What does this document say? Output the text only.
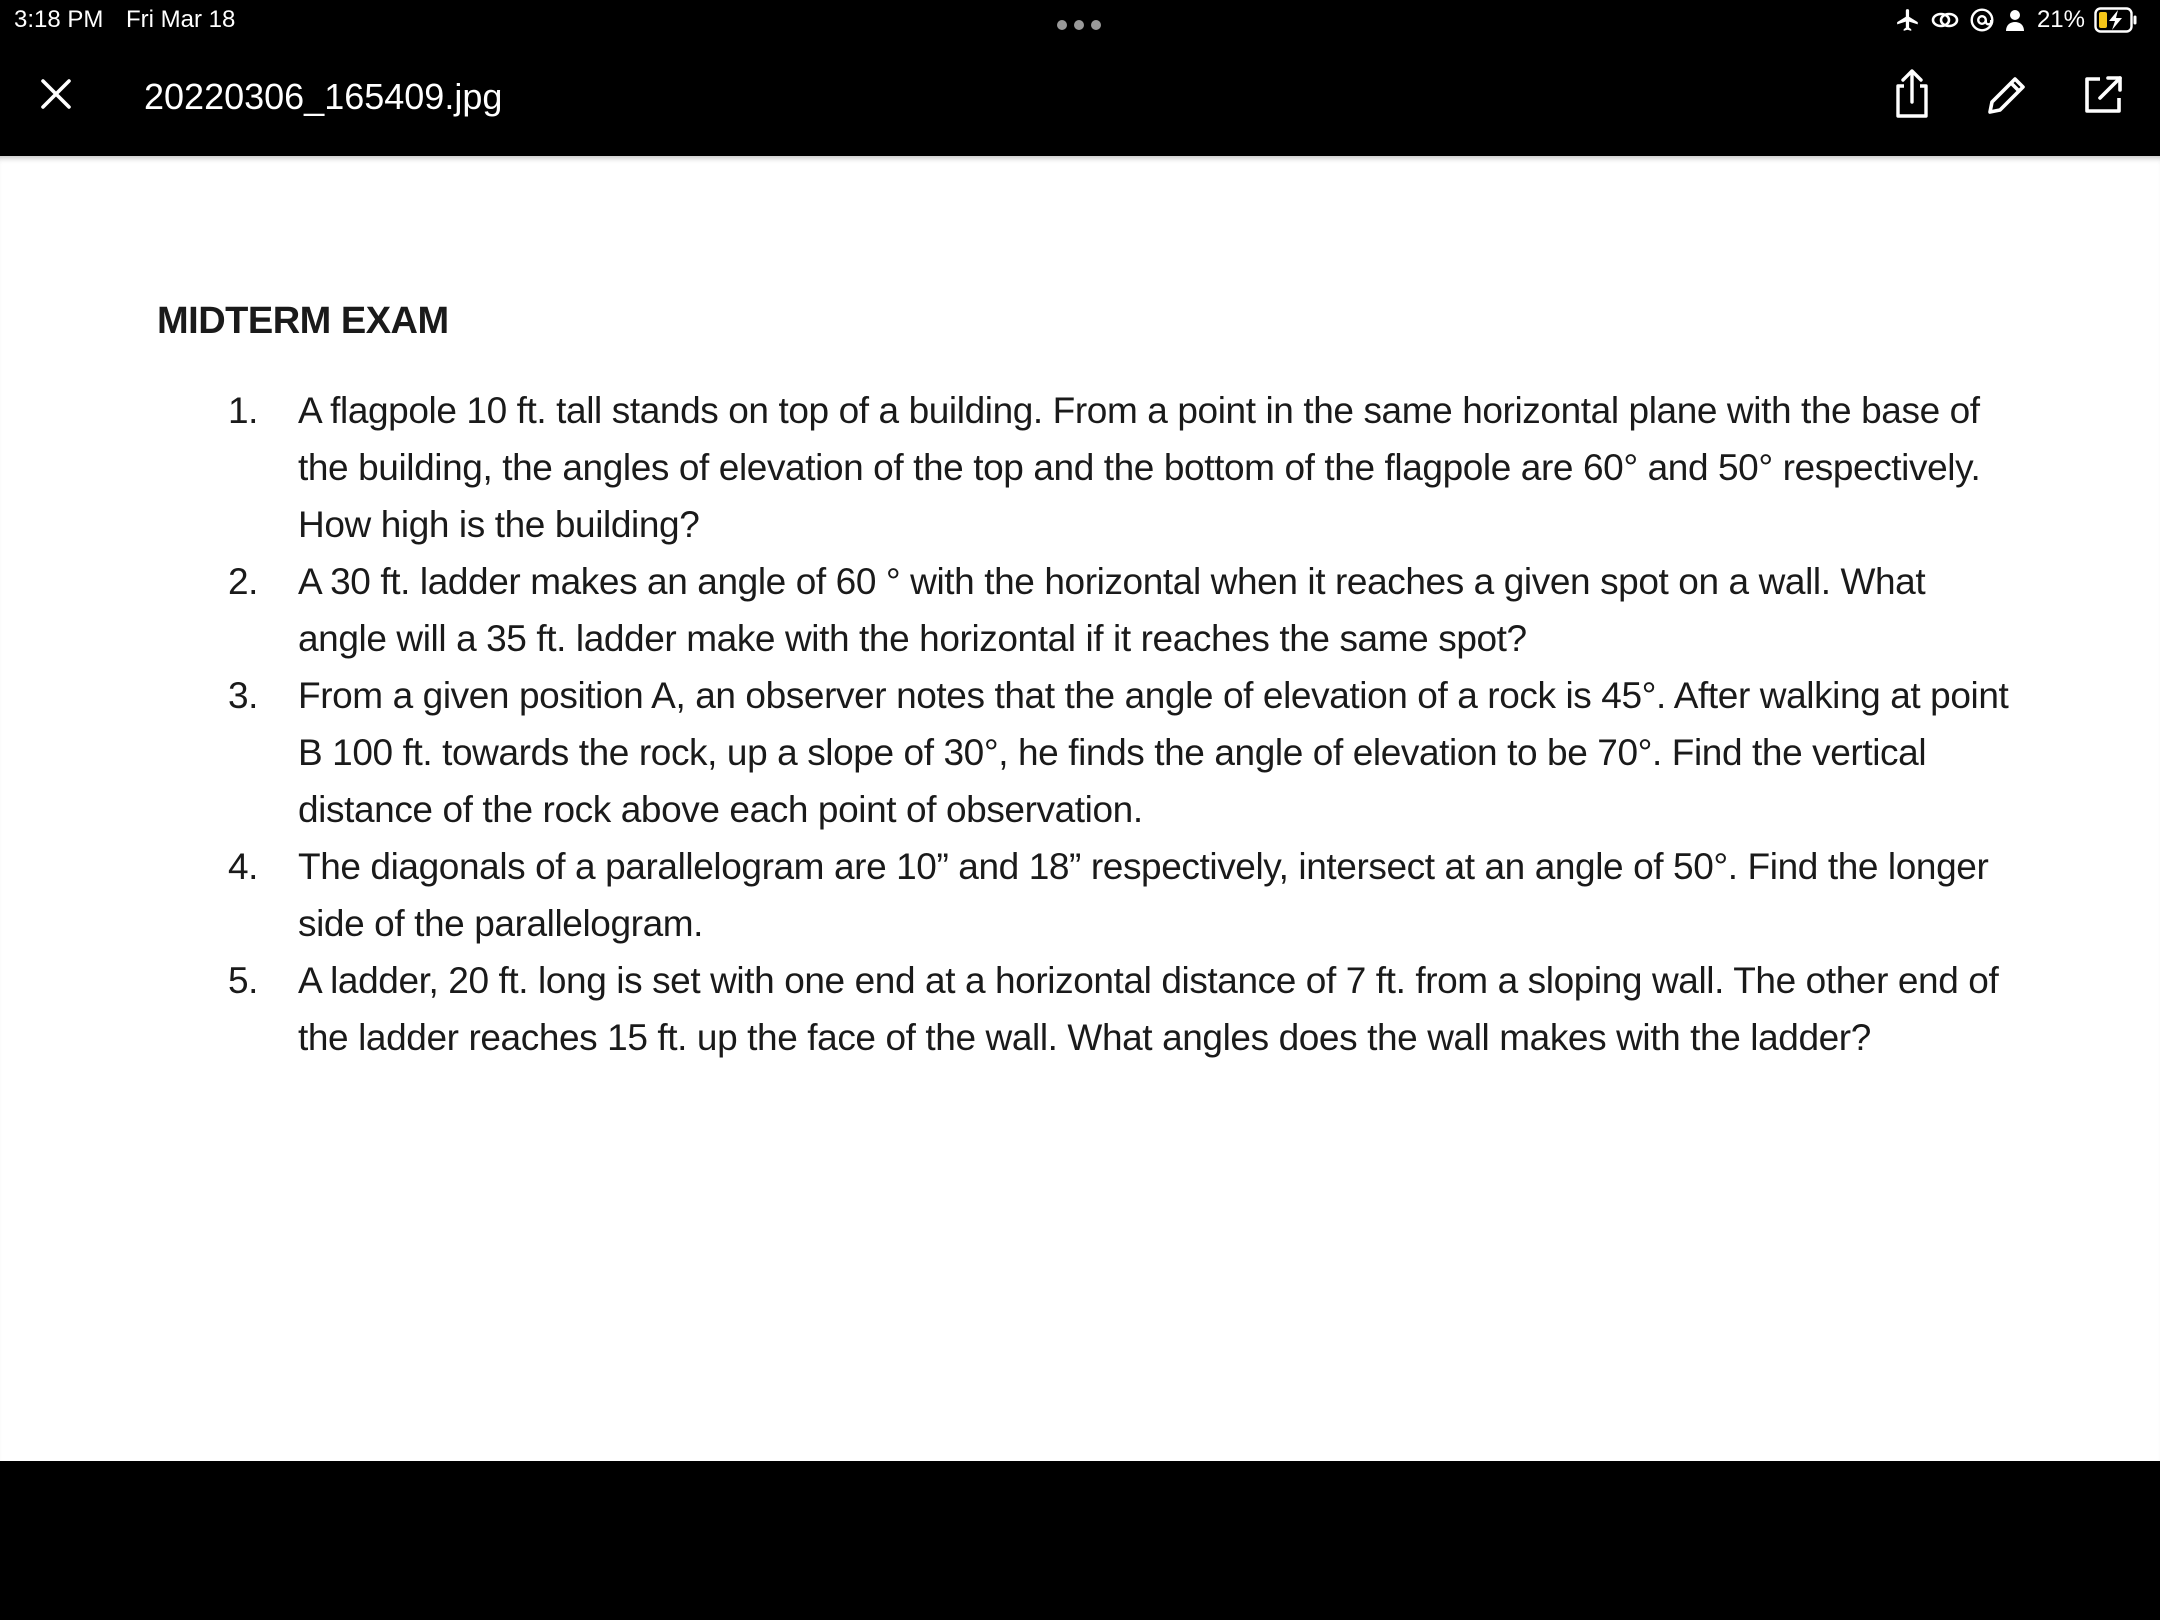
3:18 PM Fri Mar 18	21%
20220306_165409.jpg
MIDTERM EXAM
1. A flagpole 10 ft. tall stands on top of a building. From a point in the same horizontal plane with the base of the building, the angles of elevation of the top and the bottom of the flagpole are 60° and 50° respectively. How high is the building?
2. A 30 ft. ladder makes an angle of 60 ° with the horizontal when it reaches a given spot on a wall. What angle will a 35 ft. ladder make with the horizontal if it reaches the same spot?
3. From a given position A, an observer notes that the angle of elevation of a rock is 45°. After walking at point B 100 ft. towards the rock, up a slope of 30°, he finds the angle of elevation to be 70°. Find the vertical distance of the rock above each point of observation.
4. The diagonals of a parallelogram are 10” and 18” respectively, intersect at an angle of 50°. Find the longer side of the parallelogram.
5. A ladder, 20 ft. long is set with one end at a horizontal distance of 7 ft. from a sloping wall. The other end of the ladder reaches 15 ft. up the face of the wall. What angles does the wall makes with the ladder?
